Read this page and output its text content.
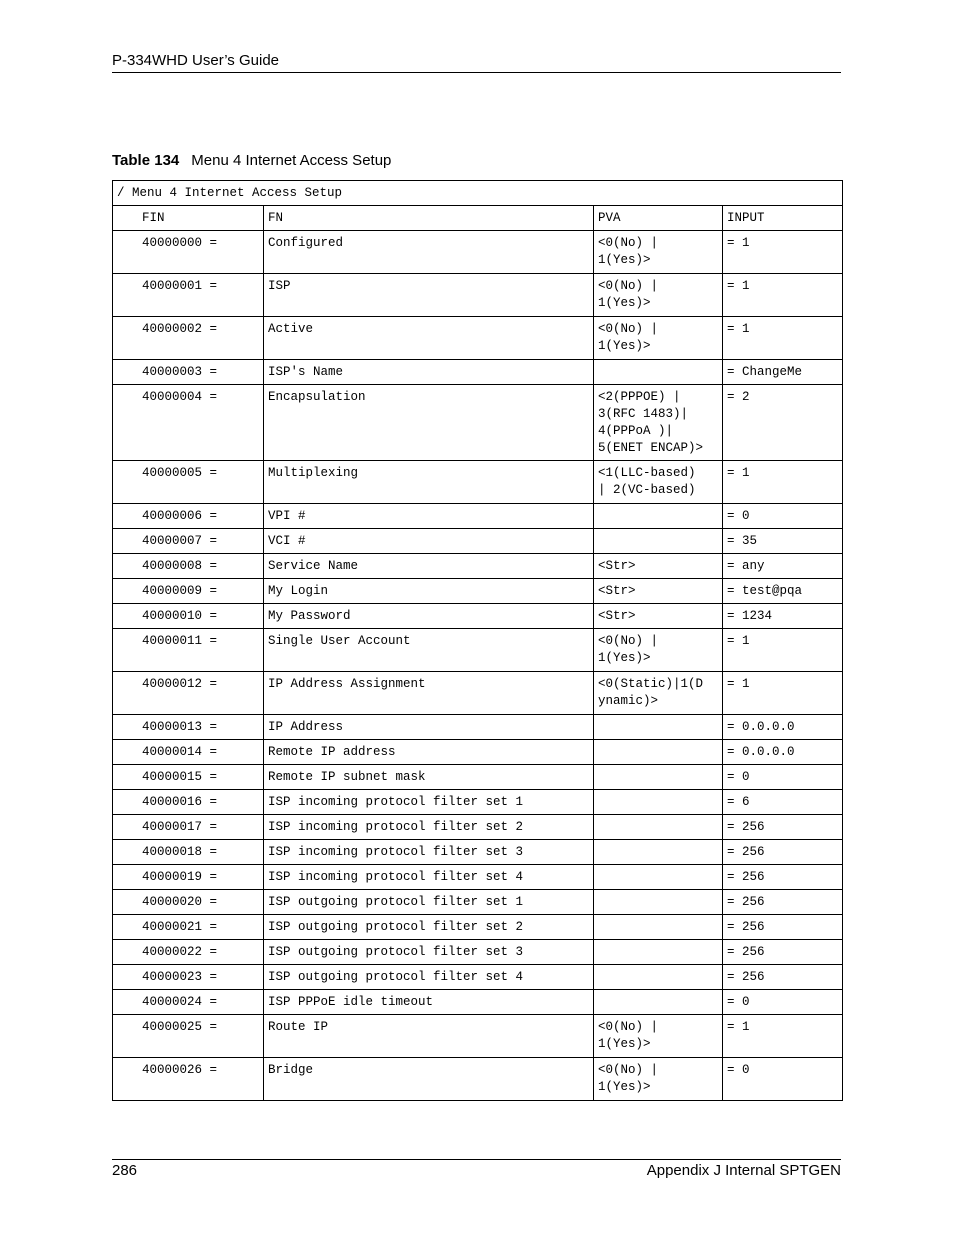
P-334WHD User’s Guide
Table 134 Menu 4 Internet Access Setup
/ Menu 4 Internet Access Setup			
FIN	FN	PVA	INPUT
40000000 =	Configured	<0(No) |
1(Yes)>	= 1
40000001 =	ISP	<0(No) |
1(Yes)>	= 1
40000002 =	Active	<0(No) |
1(Yes)>	= 1
40000003 =	ISP's Name		= ChangeMe
40000004 =	Encapsulation	<2(PPPOE) |
3(RFC 1483)|
4(PPPoA )|
5(ENET ENCAP)>	= 2
40000005 =	Multiplexing	<1(LLC-based)
| 2(VC-based)	= 1
40000006 =	VPI #		= 0
40000007 =	VCI #		= 35
40000008 =	Service Name	<Str>	= any
40000009 =	My Login	<Str>	= test@pqa
40000010 =	My Password	<Str>	= 1234
40000011 =	Single User Account	<0(No) |
1(Yes)>	= 1
40000012 =	IP Address Assignment	<0(Static)|1(D
ynamic)>	= 1
40000013 =	IP Address		= 0.0.0.0
40000014 =	Remote IP address		= 0.0.0.0
40000015 =	Remote IP subnet mask		= 0
40000016 =	ISP incoming protocol filter set 1		= 6
40000017 =	ISP incoming protocol filter set 2		= 256
40000018 =	ISP incoming protocol filter set 3		= 256
40000019 =	ISP incoming protocol filter set 4		= 256
40000020 =	ISP outgoing protocol filter set 1		= 256
40000021 =	ISP outgoing protocol filter set 2		= 256
40000022 =	ISP outgoing protocol filter set 3		= 256
40000023 =	ISP outgoing protocol filter set 4		= 256
40000024 =	ISP PPPoE idle timeout		= 0
40000025 =	Route IP	<0(No) |
1(Yes)>	= 1
40000026 =	Bridge	<0(No) |
1(Yes)>	= 0
286	Appendix J Internal SPTGEN
